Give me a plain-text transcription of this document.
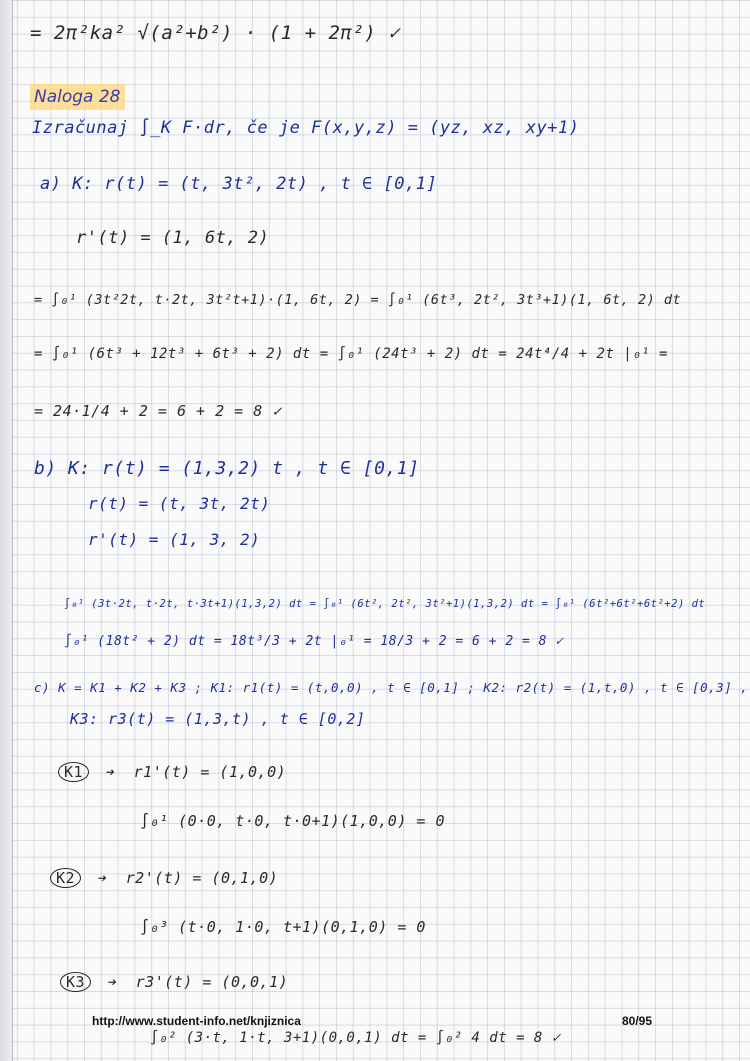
= 2π²ka² √(a²+b²) · (1 + 2π²) ✓
Naloga 28
Izračunaj ∫_K F·dr, če je F(x,y,z) = (yz, xz, xy+1)
a) K: r(t) = (t, 3t², 2t) , t ∈ [0,1]
r'(t) = (1, 6t, 2)
= ∫₀¹ (3t²2t, t·2t, 3t²t+1)·(1, 6t, 2) = ∫₀¹ (6t³, 2t², 3t³+1)(1, 6t, 2) dt
= ∫₀¹ (6t³ + 12t³ + 6t³ + 2) dt = ∫₀¹ (24t³ + 2) dt = 24t⁴/4 + 2t |₀¹ =
= 24·1/4 + 2 = 6 + 2 = 8 ✓
b) K: r(t) = (1,3,2) t , t ∈ [0,1]
r(t) = (t, 3t, 2t)
r'(t) = (1, 3, 2)
∫₀¹ (3t·2t, t·2t, t·3t+1)(1,3,2) dt = ∫₀¹ (6t², 2t², 3t²+1)(1,3,2) dt = ∫₀¹ (6t²+6t²+6t²+2) dt
∫₀¹ (18t² + 2) dt = 18t³/3 + 2t |₀¹ = 18/3 + 2 = 6 + 2 = 8 ✓
c) K = K1 + K2 + K3 ; K1: r1(t) = (t,0,0) , t ∈ [0,1] ; K2: r2(t) = (1,t,0) , t ∈ [0,3] ,
K3: r3(t) = (1,3,t) , t ∈ [0,2]
K1 ➔ r1'(t) = (1,0,0)
∫₀¹ (0·0, t·0, t·0+1)(1,0,0) = 0
K2 ➔ r2'(t) = (0,1,0)
∫₀³ (t·0, 1·0, t+1)(0,1,0) = 0
K3 ➔ r3'(t) = (0,0,1)
∫₀² (3·t, 1·t, 3+1)(0,0,1) dt = ∫₀² 4 dt = 8 ✓
http://www.student-info.net/knjiznica	80/95
